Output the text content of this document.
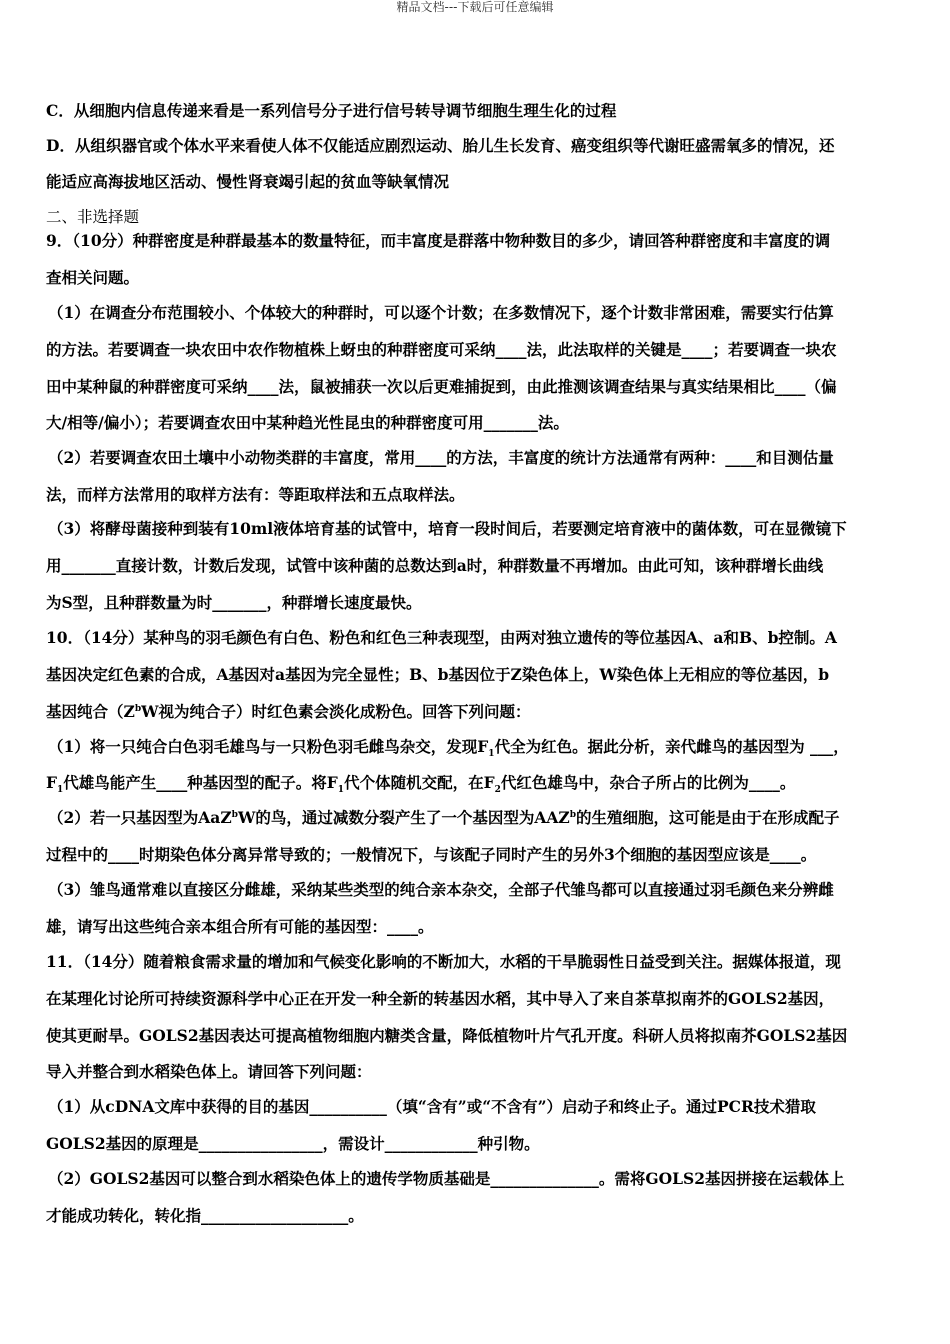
精品文档---下载后可任意编辑
C．从细胞内信息传递来看是一系列信号分子进行信号转导调节细胞生理生化的过程
D．从组织器官或个体水平来看使人体不仅能适应剧烈运动、胎儿生长发育、癌变组织等代谢旺盛需氧多的情况，还
能适应高海拔地区活动、慢性肾衰竭引起的贫血等缺氧情况
二、非选择题
9．（10分）种群密度是种群最基本的数量特征，而丰富度是群落中物种数目的多少，请回答种群密度和丰富度的调
查相关问题。
（1）在调查分布范围较小、个体较大的种群时，可以逐个计数；在多数情况下，逐个计数非常困难，需要实行估算
的方法。若要调查一块农田中农作物植株上蚜虫的种群密度可采纳____法，此法取样的关键是____；若要调查一块农
田中某种鼠的种群密度可采纳____法，鼠被捕获一次以后更难捕捉到，由此推测该调查结果与真实结果相比____（偏
大/相等/偏小）；若要调查农田中某种趋光性昆虫的种群密度可用_______法。
（2）若要调查农田土壤中小动物类群的丰富度，常用____的方法，丰富度的统计方法通常有两种：____和目测估量
法，而样方法常用的取样方法有：等距取样法和五点取样法。
（3）将酵母菌接种到装有10ml液体培育基的试管中，培育一段时间后，若要测定培育液中的菌体数，可在显微镜下
用_______直接计数，计数后发现，试管中该种菌的总数达到a时，种群数量不再增加。由此可知，该种群增长曲线
为S型，且种群数量为时_______，种群增长速度最快。
10．（14分）某种鸟的羽毛颜色有白色、粉色和红色三种表现型，由两对独立遗传的等位基因A、a和B、b控制。A
基因决定红色素的合成，A基因对a基因为完全显性；B、b基因位于Z染色体上，W染色体上无相应的等位基因，b
基因纯合（$Z^bW$视为纯合子）时红色素会淡化成粉色。回答下列问题：
（1）将一只纯合白色羽毛雄鸟与一只粉色羽毛雌鸟杂交，发现$F_1$代全为红色。据此分析，亲代雌鸟的基因型为 ___，
$F_1$代雄鸟能产生____种基因型的配子。将$F_1$代个体随机交配，在$F_2$代红色雄鸟中，杂合子所占的比例为____。
（2）若一只基因型为AaZ$^b$W的鸟，通过减数分裂产生了一个基因型为AAZ$^b$的生殖细胞，这可能是由于在形成配子
过程中的____时期染色体分离异常导致的；一般情况下，与该配子同时产生的另外3个细胞的基因型应该是____。
（3）雏鸟通常难以直接区分雌雄，采纳某些类型的纯合亲本杂交，全部子代雏鸟都可以直接通过羽毛颜色来分辨雌
雄，请写出这些纯合亲本组合所有可能的基因型：____。
11．（14分）随着粮食需求量的增加和气候变化影响的不断加大，水稻的干旱脆弱性日益受到关注。据媒体报道，现
在某理化讨论所可持续资源科学中心正在开发一种全新的转基因水稻，其中导入了来自茶草拟南芥的GOLS2基因，
使其更耐旱。GOLS2基因表达可提高植物细胞内糖类含量，降低植物叶片气孔开度。科研人员将拟南芥GOLS2基因
导入并整合到水稻染色体上。请回答下列问题：
（1）从cDNA文库中获得的目的基因__________（填“含有”或“不含有”）启动子和终止子。通过PCR技术猎取
GOLS2基因的原理是________________，需设计____________种引物。
（2）GOLS2基因可以整合到水稻染色体上的遗传学物质基础是______________。需将GOLS2基因拼接在运载体上
才能成功转化，转化指___________________。
